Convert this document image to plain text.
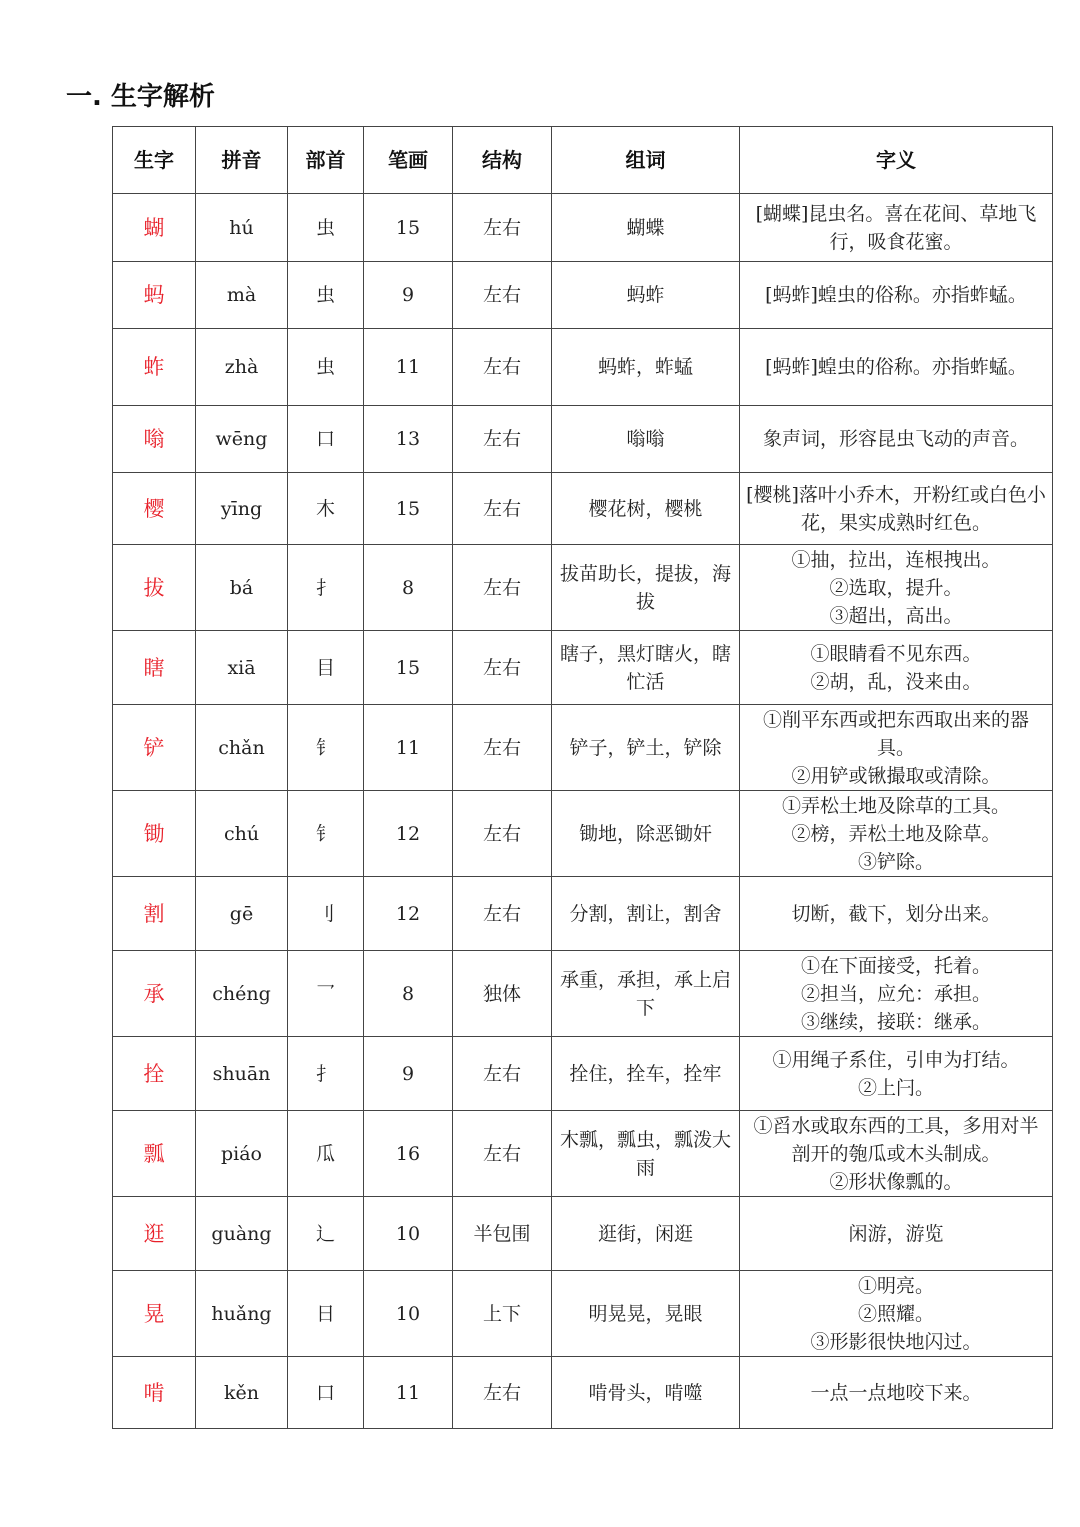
一. 生字解析
生字	拼音	部首	笔画	结构	组词	字义
蝴	hú	虫	15	左右	蝴蝶	[蝴蝶]昆虫名。喜在花间、草地飞行，吸食花蜜。

蚂	mà	虫	9	左右	蚂蚱	[蚂蚱]蝗虫的俗称。亦指蚱蜢。

蚱	zhà	虫	11	左右	蚂蚱，蚱蜢	[蚂蚱]蝗虫的俗称。亦指蚱蜢。

嗡	wēng	口	13	左右	嗡嗡	象声词，形容昆虫飞动的声音。

樱	yīng	木	15	左右	樱花树，樱桃	[樱桃]落叶小乔木，开粉红或白色小花，果实成熟时红色。

拔	bá	扌	8	左右	拔苗助长，提拔，海拔	①抽，拉出，连根拽出。
②选取，提升。
③超出，高出。

瞎	xiā	目	15	左右	瞎子，黑灯瞎火，瞎忙活	①眼睛看不见东西。
②胡，乱，没来由。

铲	chǎn	钅	11	左右	铲子，铲土，铲除	①削平东西或把东西取出来的器具。
②用铲或锹撮取或清除。

锄	chú	钅	12	左右	锄地，除恶锄奸	①弄松土地及除草的工具。
②榜，弄松土地及除草。
③铲除。

割	gē	刂	12	左右	分割，割让，割舍	切断，截下，划分出来。

承	chéng	乛	8	独体	承重，承担，承上启下	①在下面接受，托着。
②担当，应允：承担。
③继续，接联：继承。

拴	shuān	扌	9	左右	拴住，拴车，拴牢	①用绳子系住，引申为打结。
②上闩。

瓢	piáo	瓜	16	左右	木瓢，瓢虫，瓢泼大雨	①舀水或取东西的工具，多用对半剖开的匏瓜或木头制成。
②形状像瓢的。

逛	guàng	辶	10	半包围	逛街，闲逛	闲游，游览

晃	huǎng	日	10	上下	明晃晃，晃眼	①明亮。
②照耀。
③形影很快地闪过。

啃	kěn	口	11	左右	啃骨头，啃噬	一点一点地咬下来。
